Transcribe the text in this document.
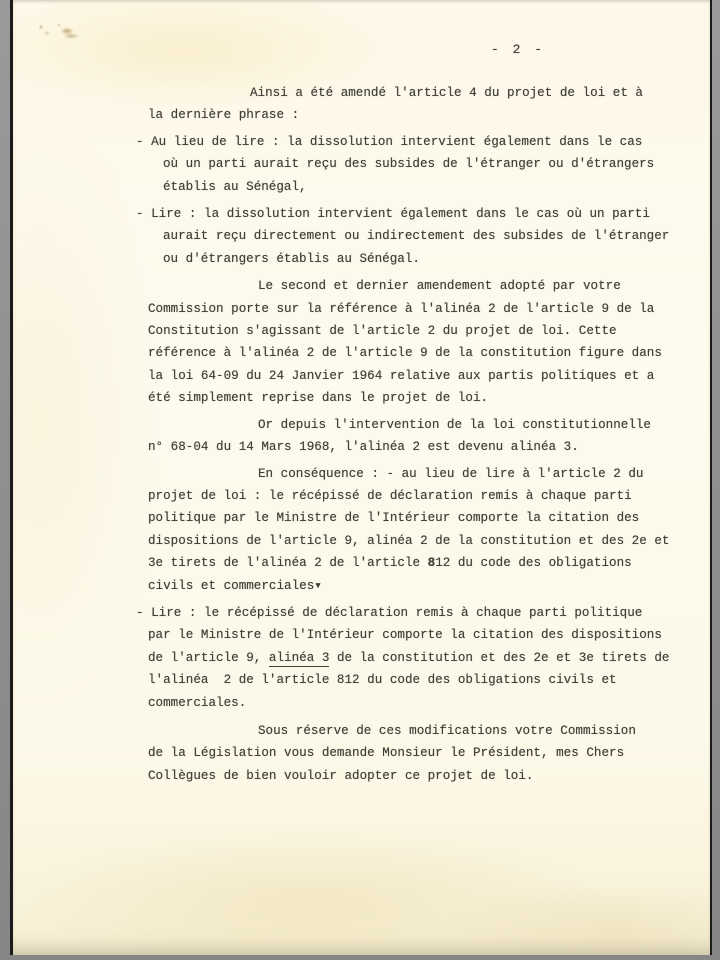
- 2 -
Ainsi a été amendé l'article 4 du projet de loi et à
la dernière phrase :
- Au lieu de lire : la dissolution intervient également dans le cas
où un parti aurait reçu des subsides de l'étranger ou d'étrangers
établis au Sénégal,
- Lire : la dissolution intervient également dans le cas où un parti
aurait reçu directement ou indirectement des subsides de l'étranger
ou d'étrangers établis au Sénégal.
Le second et dernier amendement adopté par votre
Commission porte sur la référence à l'alinéa 2 de l'article 9 de la
Constitution s'agissant de l'article 2 du projet de loi. Cette
référence à l'alinéa 2 de l'article 9 de la constitution figure dans
la loi 64-09 du 24 Janvier 1964 relative aux partis politiques et a
été simplement reprise dans le projet de loi.
Or depuis l'intervention de la loi constitutionnelle
n° 68-04 du 14 Mars 1968, l'alinéa 2 est devenu alinéa 3.
En conséquence : - au lieu de lire à l'article 2 du
projet de loi : le récépissé de déclaration remis à chaque parti
politique par le Ministre de l'Intérieur comporte la citation des
dispositions de l'article 9, alinéa 2 de la constitution et des 2e et
3e tirets de l'alinéa 2 de l'article 812 du code des obligations
civils et commerciales▾
- Lire : le récépissé de déclaration remis à chaque parti politique
par le Ministre de l'Intérieur comporte la citation des dispositions
de l'article 9, alinéa 3 de la constitution et des 2e et 3e tirets de
l'alinéa  2 de l'article 812 du code des obligations civils et
commerciales.
Sous réserve de ces modifications votre Commission
de la Législation vous demande Monsieur le Président, mes Chers
Collègues de bien vouloir adopter ce projet de loi.
